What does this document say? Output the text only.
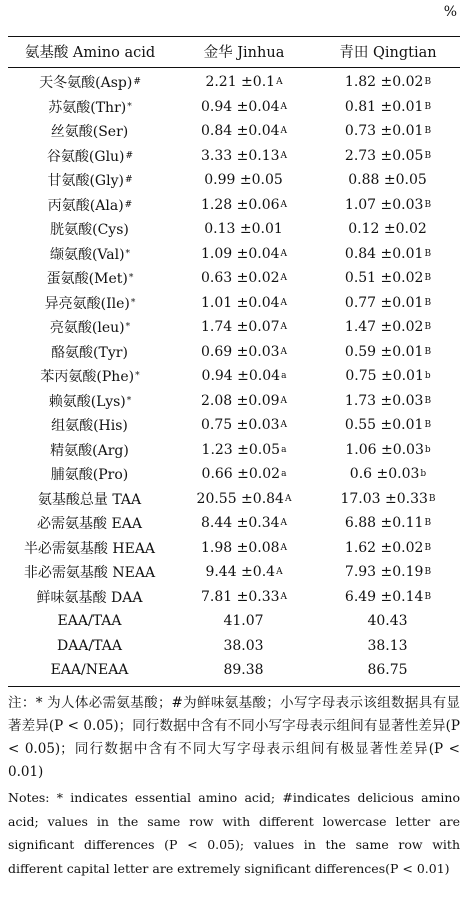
%
氨基酸 Amino acid	金华 Jinhua	青田 Qingtian
天冬氨酸(Asp) #	2.21 ±0.1 A	1.82 ±0.02 B
苏氨酸(Thr) *	0.94 ±0.04 A	0.81 ±0.01 B
丝氨酸(Ser)	0.84 ±0.04 A	0.73 ±0.01 B
谷氨酸(Glu) #	3.33 ±0.13 A	2.73 ±0.05 B
甘氨酸(Gly) #	0.99 ±0.05	0.88 ±0.05
丙氨酸(Ala) #	1.28 ±0.06 A	1.07 ±0.03 B
胱氨酸(Cys)	0.13 ±0.01	0.12 ±0.02
缬氨酸(Val) *	1.09 ±0.04 A	0.84 ±0.01 B
蛋氨酸(Met) *	0.63 ±0.02 A	0.51 ±0.02 B
异亮氨酸(Ile) *	1.01 ±0.04 A	0.77 ±0.01 B
亮氨酸(leu) *	1.74 ±0.07 A	1.47 ±0.02 B
酪氨酸(Tyr)	0.69 ±0.03 A	0.59 ±0.01 B
苯丙氨酸(Phe) *	0.94 ±0.04 a	0.75 ±0.01 b
赖氨酸(Lys) *	2.08 ±0.09 A	1.73 ±0.03 B
组氨酸(His)	0.75 ±0.03 A	0.55 ±0.01 B
精氨酸(Arg)	1.23 ±0.05 a	1.06 ±0.03 b
脯氨酸(Pro)	0.66 ±0.02 a	0.6 ±0.03 b
氨基酸总量 TAA	20.55 ±0.84 A	17.03 ±0.33 B
必需氨基酸 EAA	8.44 ±0.34 A	6.88 ±0.11 B
半必需氨基酸 HEAA	1.98 ±0.08 A	1.62 ±0.02 B
非必需氨基酸 NEAA	9.44 ±0.4 A	7.93 ±0.19 B
鲜味氨基酸 DAA	7.81 ±0.33 A	6.49 ±0.14 B
EAA/TAA	41.07	40.43
DAA/TAA	38.03	38.13
EAA/NEAA	89.38	86.75

注：* 为人体必需氨基酸；#为鲜味氨基酸；小写字母表示该组数据具有显著差异(P < 0.05)；同行数据中含有不同小写字母表示组间有显著性差异(P < 0.05)；同行数据中含有不同大写字母表示组间有极显著性差异(P < 0.01)

Notes: * indicates essential amino acid; #indicates delicious amino acid; values in the same row with different lowercase letter are significant differences (P < 0.05); values in the same row with different capital letter are extremely significant differences(P < 0.01)
